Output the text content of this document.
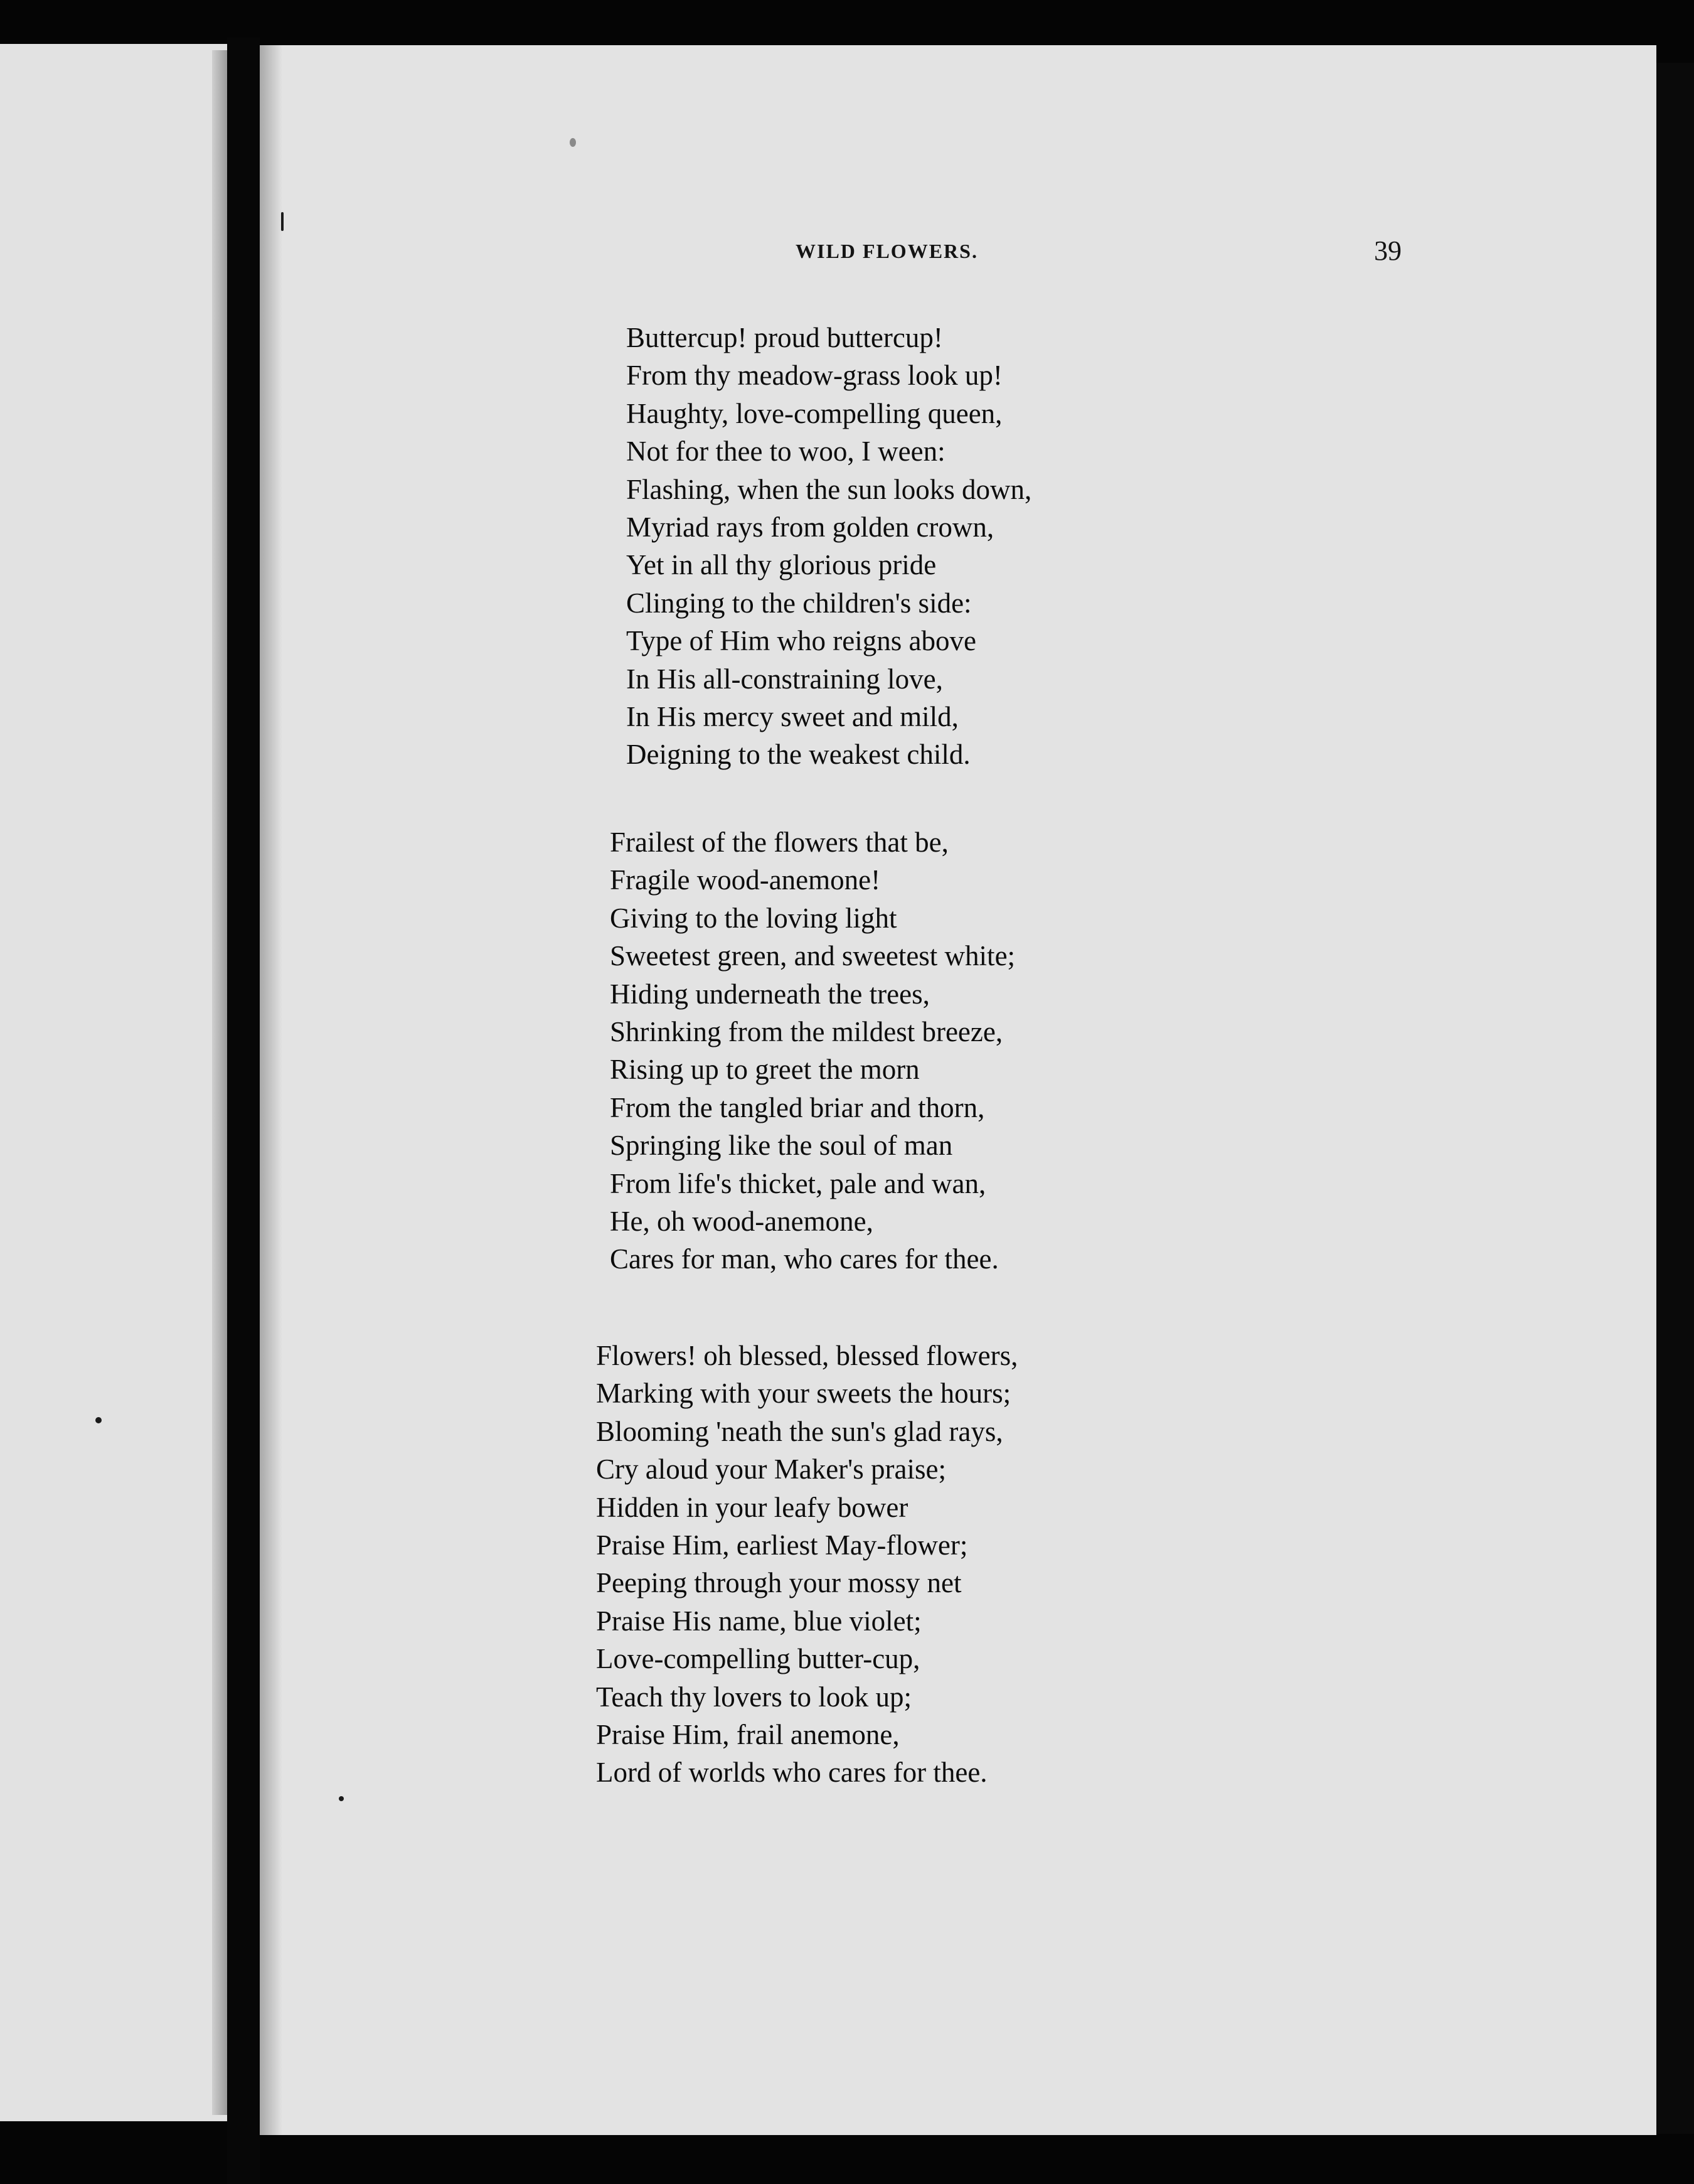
WILD FLOWERS.	39
Buttercup! proud buttercup!
From thy meadow-grass look up!
Haughty, love-compelling queen,
Not for thee to woo, I ween:
Flashing, when the sun looks down,
Myriad rays from golden crown,
Yet in all thy glorious pride
Clinging to the children's side:
Type of Him who reigns above
In His all-constraining love,
In His mercy sweet and mild,
Deigning to the weakest child.
Frailest of the flowers that be,
Fragile wood-anemone!
Giving to the loving light
Sweetest green, and sweetest white;
Hiding underneath the trees,
Shrinking from the mildest breeze,
Rising up to greet the morn
From the tangled briar and thorn,
Springing like the soul of man
From life's thicket, pale and wan,
He, oh wood-anemone,
Cares for man, who cares for thee.
Flowers! oh blessed, blessed flowers,
Marking with your sweets the hours;
Blooming 'neath the sun's glad rays,
Cry aloud your Maker's praise;
Hidden in your leafy bower
Praise Him, earliest May-flower;
Peeping through your mossy net
Praise His name, blue violet;
Love-compelling butter-cup,
Teach thy lovers to look up;
Praise Him, frail anemone,
Lord of worlds who cares for thee.
